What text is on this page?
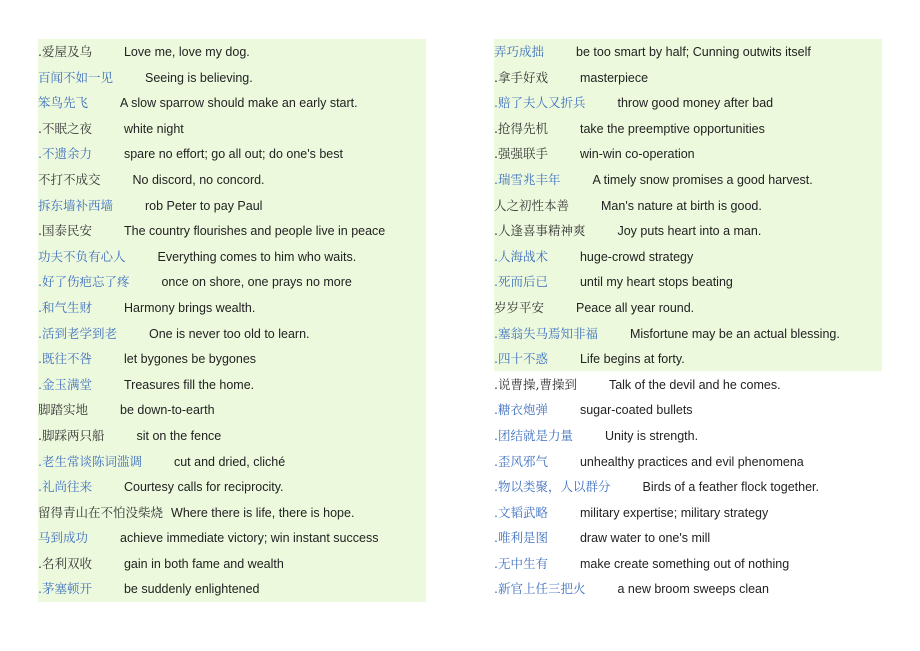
.爱屋及乌	Love me, love my dog.
百闻不如一见	Seeing is believing.
笨鸟先飞	A slow sparrow should make an early start.
.不眠之夜	white night
.不遗余力	spare no effort; go all out; do one's best
不打不成交	No discord, no concord.
拆东墙补西墙	rob Peter to pay Paul
.国泰民安	The country flourishes and people live in peace
功夫不负有心人	Everything comes to him who waits.
.好了伤疤忘了疼	once on shore, one prays no more
.和气生财	Harmony brings wealth.
.活到老学到老	One is never too old to learn.
.既往不咎	let bygones be bygones
.金玉满堂	Treasures fill the home.
脚踏实地	be down-to-earth
.脚踩两只船	sit on the fence
.老生常谈陈词滥调	cut and dried, cliché
.礼尚往来	Courtesy calls for reciprocity.
留得青山在不怕没柴烧 Where there is life, there is hope.
马到成功	achieve immediate victory; win instant success
.名利双收	gain in both fame and wealth
.茅塞顿开	be suddenly enlightened
弄巧成拙	be too smart by half; Cunning outwits itself
.拿手好戏	masterpiece
.赔了夫人又折兵	throw good money after bad
.抢得先机	take the preemptive opportunities
.强强联手	win-win co-operation
.瑞雪兆丰年	A timely snow promises a good harvest.
人之初性本善	Man's nature at birth is good.
.人逢喜事精神爽	Joy puts heart into a man.
.人海战术	huge-crowd strategy
.死而后已	until my heart stops beating
岁岁平安	Peace all year round.
.塞翁失马焉知非福	Misfortune may be an actual blessing.
.四十不惑	Life begins at forty.
.说曹操,曹操到	Talk of the devil and he comes.
.糖衣炮弹	sugar-coated bullets
.团结就是力量	Unity is strength.
.歪风邪气	unhealthy practices and evil phenomena
.物以类聚，人以群分	Birds of a feather flock together.
.文韬武略	military expertise; military strategy
.唯利是图	draw water to one's mill
.无中生有	make create something out of nothing
.新官上任三把火	a new broom sweeps clean
